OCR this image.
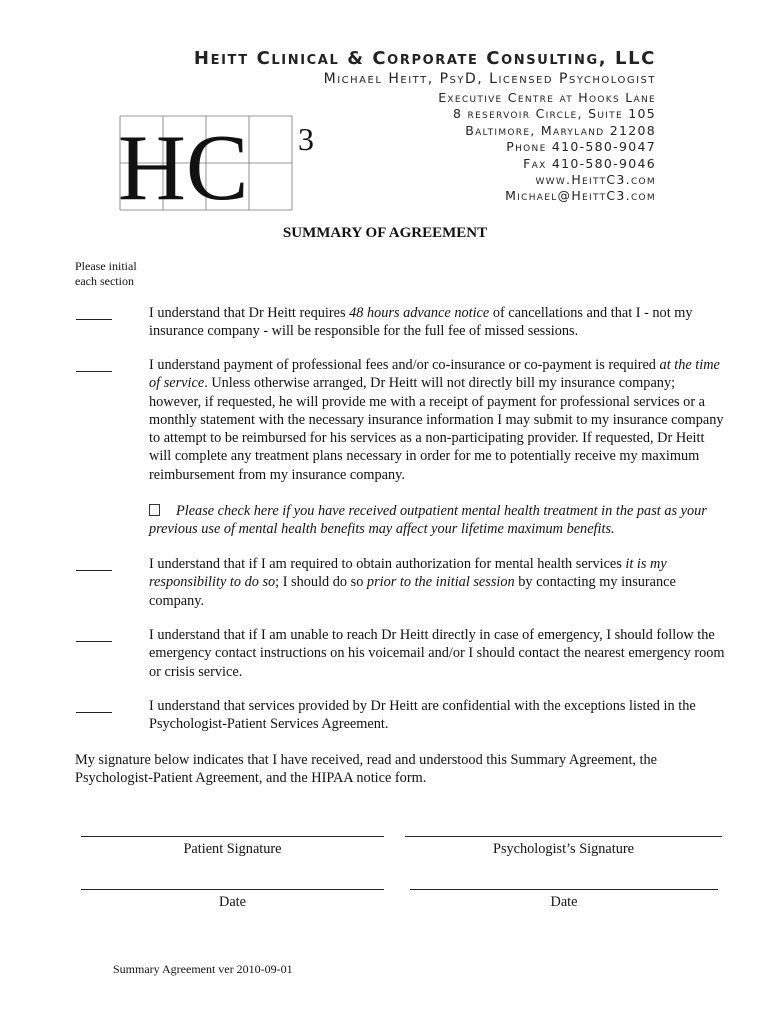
Heitt Clinical & Corporate Consulting, LLC
Michael Heitt, PsyD, Licensed Psychologist
Executive Centre at Hooks Lane
8 reservoir Circle, Suite 105
Baltimore, Maryland 21208
Phone 410-580-9047
Fax 410-580-9046
www.HeittC3.com
Michael@HeittC3.com
HC 3
SUMMARY OF AGREEMENT
Please initial
each section
I understand that Dr Heitt requires 48 hours advance notice of cancellations and that I - not my insurance company - will be responsible for the full fee of missed sessions.
I understand payment of professional fees and/or co-insurance or co-payment is required at the time of service. Unless otherwise arranged, Dr Heitt will not directly bill my insurance company; however, if requested, he will provide me with a receipt of payment for professional services or a monthly statement with the necessary insurance information I may submit to my insurance company to attempt to be reimbursed for his services as a non-participating provider. If requested, Dr Heitt will complete any treatment plans necessary in order for me to potentially receive my maximum reimbursement from my insurance company.
Please check here if you have received outpatient mental health treatment in the past as your previous use of mental health benefits may affect your lifetime maximum benefits.
I understand that if I am required to obtain authorization for mental health services it is my responsibility to do so; I should do so prior to the initial session by contacting my insurance company.
I understand that if I am unable to reach Dr Heitt directly in case of emergency, I should follow the emergency contact instructions on his voicemail and/or I should contact the nearest emergency room or crisis service.
I understand that services provided by Dr Heitt are confidential with the exceptions listed in the Psychologist-Patient Services Agreement.
My signature below indicates that I have received, read and understood this Summary Agreement, the Psychologist-Patient Agreement, and the HIPAA notice form.
Patient Signature	Psychologist’s Signature
Date	Date
Summary Agreement ver 2010-09-01
